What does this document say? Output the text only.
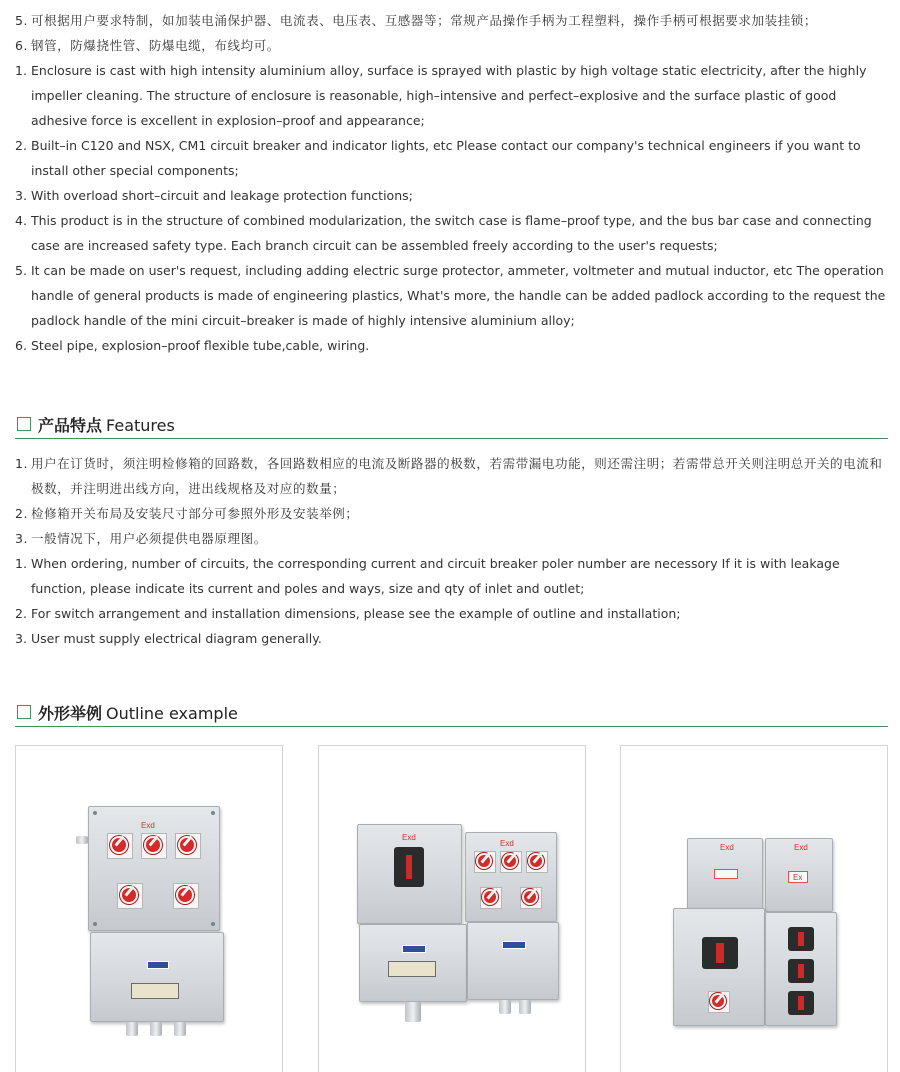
5. 可根据用户要求特制，如加装电涌保护器、电流表、电压表、互感器等；常规产品操作手柄为工程塑料，操作手柄可根据要求加装挂锁；
6. 钢管，防爆挠性管、防爆电缆，布线均可。
1. Enclosure is cast with high intensity aluminium alloy, surface is sprayed with plastic by high voltage static electricity, after the highly impeller cleaning. The structure of enclosure is reasonable, high–intensive and perfect–explosive and the surface plastic of good adhesive force is excellent in explosion–proof and appearance;
2. Built–in C120 and NSX, CM1 circuit breaker and indicator lights, etc Please contact our company's technical engineers if you want to install other special components;
3. With overload short–circuit and leakage protection functions;
4. This product is in the structure of combined modularization, the switch case is flame–proof type, and the bus bar case and connecting case are increased safety type. Each branch circuit can be assembled freely according to the user's requests;
5. It can be made on user's request, including adding electric surge protector, ammeter, voltmeter and mutual inductor, etc The operation handle of general products is made of engineering plastics, What's more, the handle can be added padlock according to the request the padlock handle of the mini circuit–breaker is made of highly intensive aluminium alloy;
6. Steel pipe, explosion–proof flexible tube,cable, wiring.
产品特点 Features
1. 用户在订货时，须注明检修箱的回路数，各回路数相应的电流及断路器的极数，若需带漏电功能，则还需注明；若需带总开关则注明总开关的电流和极数，并注明进出线方向，进出线规格及对应的数量；
2. 检修箱开关布局及安装尺寸部分可参照外形及安装举例；
3. 一般情况下，用户必须提供电器原理图。
1. When ordering, number of circuits, the corresponding current and circuit breaker poler number are necessory If it is with leakage function, please indicate its current and poles and ways, size and qty of inlet and outlet;
2. For switch arrangement and installation dimensions, please see the example of outline and installation;
3. User must supply electrical diagram generally.
外形举例 Outline example
Exd
Exd
Exd	Exd	Exd
Ex
